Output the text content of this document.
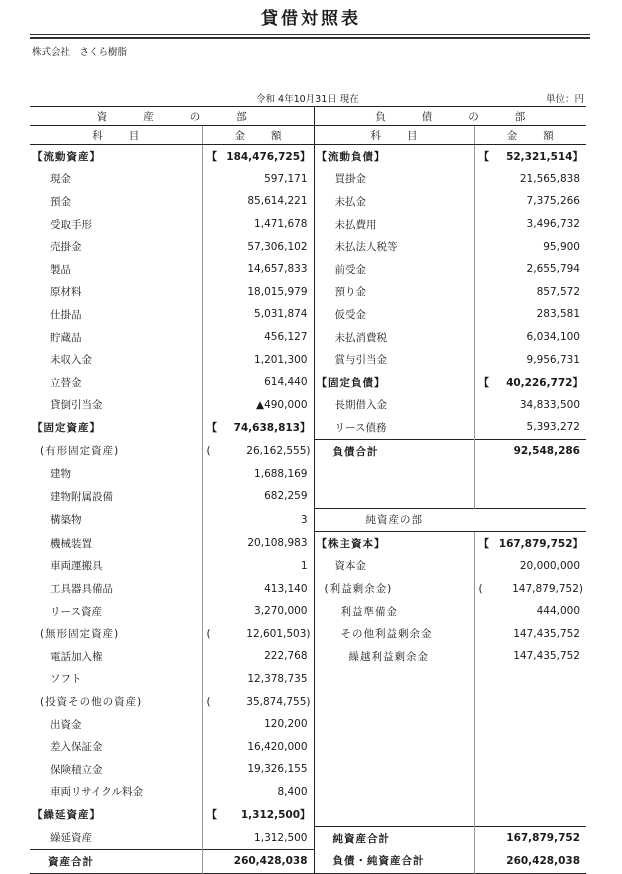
貸借対照表
株式会社　さくら樹脂
令和 4年10月31日 現在	単位：円
資産の部		負債の部	
科目	金額	科目	金額

【流動資産】	【 184,476,725】	【流動負債】	【 52,321,514】

現金	597,171	買掛金	21,565,838

預金	85,614,221	未払金	7,375,266

受取手形	1,471,678	未払費用	3,496,732

売掛金	57,306,102	未払法人税等	95,900

製品	14,657,833	前受金	2,655,794

原材料	18,015,979	預り金	857,572

仕掛品	5,031,874	仮受金	283,581

貯蔵品	456,127	未払消費税	6,034,100

未収入金	1,201,300	賞与引当金	9,956,731

立替金	614,440	【固定負債】	【 40,226,772】

貸倒引当金	▲490,000	長期借入金	34,833,500

【固定資産】	【 74,638,813】	リース債務	5,393,272

(有形固定資産)	( 26,162,555)	負債合計	92,548,286

建物	1,688,169		

建物附属設備	682,259		

構築物	3	純資産の部	

機械装置	20,108,983	【株主資本】	【 167,879,752】

車両運搬具	1	資本金	20,000,000

工具器具備品	413,140	(利益剰余金)	( 147,879,752)

リース資産	3,270,000	利益準備金	444,000

(無形固定資産)	( 12,601,503)	その他利益剰余金	147,435,752

電話加入権	222,768	繰越利益剰余金	147,435,752

ソフト	12,378,735		

(投資その他の資産)	( 35,874,755)		

出資金	120,200		

差入保証金	16,420,000		

保険積立金	19,326,155		

車両リサイクル料金	8,400		

【繰延資産】	【 1,312,500】		

繰延資産	1,312,500	純資産合計	167,879,752

資産合計	260,428,038	負債・純資産合計	260,428,038
